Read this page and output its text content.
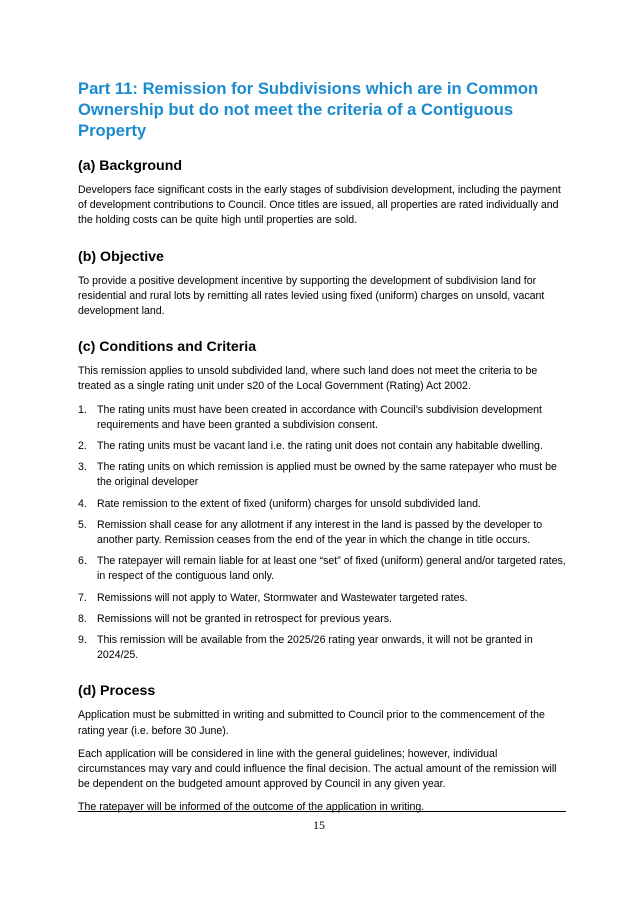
Part 11: Remission for Subdivisions which are in Common Ownership but do not meet the criteria of a Contiguous Property
(a) Background

Developers face significant costs in the early stages of subdivision development, including the payment of development contributions to Council. Once titles are issued, all properties are rated individually and the holding costs can be quite high until properties are sold.

(b) Objective

To provide a positive development incentive by supporting the development of subdivision land for residential and rural lots by remitting all rates levied using fixed (uniform) charges on unsold, vacant development land.

(c) Conditions and Criteria

This remission applies to unsold subdivided land, where such land does not meet the criteria to be treated as a single rating unit under s20 of the Local Government (Rating) Act 2002.

1. The rating units must have been created in accordance with Council’s subdivision development requirements and have been granted a subdivision consent.
2. The rating units must be vacant land i.e. the rating unit does not contain any habitable dwelling.
3. The rating units on which remission is applied must be owned by the same ratepayer who must be the original developer
4. Rate remission to the extent of fixed (uniform) charges for unsold subdivided land.
5. Remission shall cease for any allotment if any interest in the land is passed by the developer to another party. Remission ceases from the end of the year in which the change in title occurs.
6. The ratepayer will remain liable for at least one “set” of fixed (uniform) general and/or targeted rates, in respect of the contiguous land only.
7. Remissions will not apply to Water, Stormwater and Wastewater targeted rates.
8. Remissions will not be granted in retrospect for previous years.
9. This remission will be available from the 2025/26 rating year onwards, it will not be granted in 2024/25.
(d) Process

Application must be submitted in writing and submitted to Council prior to the commencement of the rating year (i.e. before 30 June).

Each application will be considered in line with the general guidelines; however, individual circumstances may vary and could influence the final decision. The actual amount of the remission will be dependent on the budgeted amount approved by Council in any given year.

The ratepayer will be informed of the outcome of the application in writing.

15
